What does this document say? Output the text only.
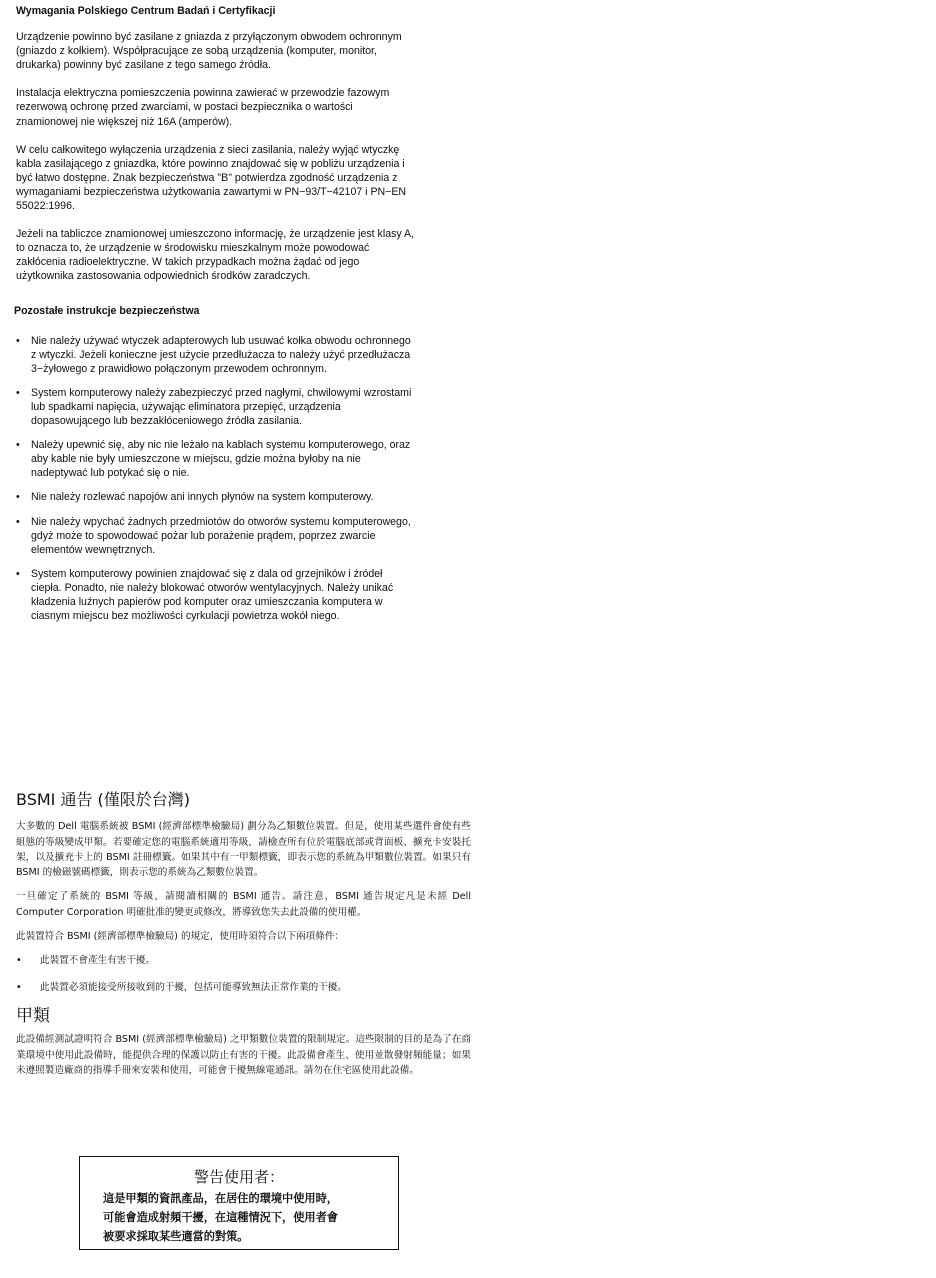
Wymagania Polskiego Centrum Badań i Certyfikacji

Urządzenie powinno być zasilane z gniazda z przyłączonym obwodem ochronnym (gniazdo z kołkiem). Współpracujące ze sobą urządzenia (komputer, monitor, drukarka) powinny być zasilane z tego samego źródła.

Instalacja elektryczna pomieszczenia powinna zawierać w przewodzie fazowym rezerwową ochronę przed zwarciami, w postaci bezpiecznika o wartości znamionowej nie większej niż 16A (amperów).

W celu całkowitego wyłączenia urządzenia z sieci zasilania, należy wyjąć wtyczkę kabla zasilającego z gniazdka, które powinno znajdować się w pobliżu urządzenia i być łatwo dostępne. Znak bezpieczeństwa "B" potwierdza zgodność urządzenia z wymaganiami bezpieczeństwa użytkowania zawartymi w PN−93/T−42107 i PN−EN 55022:1996.

Jeżeli na tabliczce znamionowej umieszczono informację, że urządzenie jest klasy A, to oznacza to, że urządzenie w środowisku mieszkalnym może powodować zakłócenia radioelektryczne. W takich przypadkach można żądać od jego użytkownika zastosowania odpowiednich środków zaradczych.

Pozostałe instrukcje bezpieczeństwa
• Nie należy używać wtyczek adapterowych lub usuwać kołka obwodu ochronnego z wtyczki. Jeżeli konieczne jest użycie przedłużacza to należy użyć przedłużacza 3−żyłowego z prawidłowo połączonym przewodem ochronnym.
• System komputerowy należy zabezpieczyć przed nagłymi, chwilowymi wzrostami lub spadkami napięcia, używając eliminatora przepięć, urządzenia dopasowującego lub bezzakłóceniowego źródła zasilania.
• Należy upewnić się, aby nic nie leżało na kablach systemu komputerowego, oraz aby kable nie były umieszczone w miejscu, gdzie można byłoby na nie nadeptywać lub potykać się o nie.
• Nie należy rozlewać napojów ani innych płynów na system komputerowy.
• Nie należy wpychać żadnych przedmiotów do otworów systemu komputerowego, gdyż może to spowodować pożar lub porażenie prądem, poprzez zwarcie elementów wewnętrznych.
• System komputerowy powinien znajdować się z dala od grzejników i źródeł ciepła. Ponadto, nie należy blokować otworów wentylacyjnych. Należy unikać kładzenia luźnych papierów pod komputer oraz umieszczania komputera w ciasnym miejscu bez możliwości cyrkulacji powietrza wokół niego.
BSMI 通告 (僅限於台灣)

大多數的 Dell 電腦系統被 BSMI (經濟部標準檢驗局) 劃分為乙類數位裝置。但是，使用某些選件會使有些組態的等級變成甲類。若要確定您的電腦系統適用等級，請檢查所有位於電腦底部或背面板、擴充卡安裝托架，以及擴充卡上的 BSMI 註冊標籤。如果其中有一甲類標籤，即表示您的系統為甲類數位裝置。如果只有 BSMI 的檢磁號碼標籤，則表示您的系統為乙類數位裝置。

一旦確定了系統的 BSMI 等級，請閱讀相關的 BSMI 通告。請注意，BSMI 通告規定凡是未經 Dell Computer Corporation 明確批准的變更或修改，將導致您失去此設備的使用權。

此裝置符合 BSMI (經濟部標準檢驗局) 的規定，使用時須符合以下兩項條件：

• 此裝置不會產生有害干擾。
• 此裝置必須能接受所接收到的干擾，包括可能導致無法正常作業的干擾。
甲類

此設備經測試證明符合 BSMI (經濟部標準檢驗局) 之甲類數位裝置的限制規定。這些限制的目的是為了在商業環境中使用此設備時，能提供合理的保護以防止有害的干擾。此設備會產生、使用並散發射頻能量；如果未遵照製造廠商的指導手冊來安裝和使用，可能會干擾無線電通訊。請勿在住宅區使用此設備。

警告使用者：
這是甲類的資訊產品，在居住的環境中使用時，
可能會造成射頻干擾，在這種情況下，使用者會
被要求採取某些適當的對策。
